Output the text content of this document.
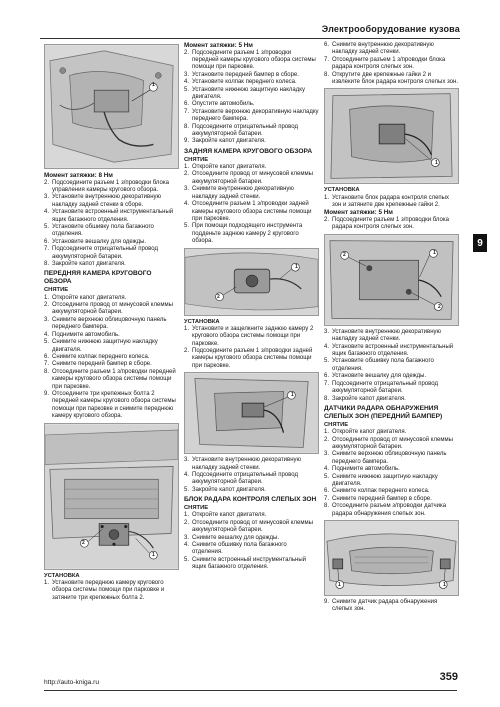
Электрооборудование кузова
1
Момент затяжки: 8 Нм
2. Подсоедините разъем 1 з/проводки блока управления камеры кругового обзора.
3. Установите внутреннюю декоративную накладку задней стенки в сборе.
4. Установите встроенный инструментальный ящик багажного отделения.
5. Установите обшивку пола багажного отделения.
6. Установите вешалку для одежды.
7. Подсоедините отрицательный провод аккумуляторной батареи.
8. Закройте капот двигателя.
ПЕРЕДНЯЯ КАМЕРА КРУГОВОГО ОБЗОРА
СНЯТИЕ
1. Откройте капот двигателя.
2. Отсоедините провод от минусовой клеммы аккумуляторной батареи.
3. Снимите верхнюю облицовочную панель переднего бампера.
4. Поднимите автомобиль.
5. Снимите нижнюю защитную накладку двигателя.
6. Снимите колпак переднего колеса.
7. Снимите передний бампер в сборе.
8. Отсоедините разъем 1 з/проводки передней камеры кругового обзора системы помощи при парковке.
9. Отсоедините три крепежных болта 2 передней камеры кругового обзора системы помощи при парковке и снимите переднюю камеру кругового обзора.
2
1
УСТАНОВКА
1. Установите переднюю камеру кругового обзора системы помощи при парковке и затяните три крепежных болта 2.
Момент затяжки: 5 Нм
2. Подсоедините разъем 1 з/проводки передней камеры кругового обзора системы помощи при парковке.
3. Установите передний бампер в сборе.
4. Установите колпак переднего колеса.
5. Установите нижнюю защитную накладку двигателя.
6. Опустите автомобиль.
7. Установите верхнюю декоративную накладку переднего бампера.
8. Подсоедините отрицательный провод аккумуляторной батареи.
9. Закройте капот двигателя.
ЗАДНЯЯ КАМЕРА КРУГОВОГО ОБЗОРА
СНЯТИЕ
1. Откройте капот двигателя.
2. Отсоедините провод от минусовой клеммы аккумуляторной батареи.
3. Снимите внутреннюю декоративную накладку задней стенки.
4. Отсоедините разъем 1 з/проводки задней камеры кругового обзора системы помощи при парковке.
5. При помощи подходящего инструмента подденьте заднюю камеру 2 кругового обзора.
2
1
УСТАНОВКА
1. Установите и защелкните заднюю камеру 2 кругового обзора системы помощи при парковке.
2. Подсоедините разъем 1 з/проводки задней камеры кругового обзора системы помощи при парковке.
1
3. Установите внутреннюю декоративную накладку задней стенки.
4. Подсоедините отрицательный провод аккумуляторной батареи.
5. Закройте капот двигателя.
БЛОК РАДАРА КОНТРОЛЯ СЛЕПЫХ ЗОН
СНЯТИЕ
1. Откройте капот двигателя.
2. Отсоедините провод от минусовой клеммы аккумуляторной батареи.
3. Снимите вешалку для одежды.
4. Снимите обшивку пола багажного отделения.
5. Снимите встроенный инструментальный ящик багажного отделения.
6. Снимите внутреннюю декоративную накладку задней стенки.
7. Отсоедините разъем 1 з/проводки блока радара контроля слепых зон.
8. Открутите две крепежные гайки 2 и извлеките блок радара контроля слепых зон.
1
УСТАНОВКА
1. Установите блок радара контроля слепых зон и затяните две крепежные гайки 2.
Момент затяжки: 5 Нм
2. Подсоедините разъем 1 з/проводки блока радара контроля слепых зон.
2	1
2
3. Установите внутреннюю декоративную накладку задней стенки.
4. Установите встроенный инструментальный ящик багажного отделения.
5. Установите обшивку пола багажного отделения.
6. Установите вешалку для одежды.
7. Подсоедините отрицательный провод аккумуляторной батареи.
8. Закройте капот двигателя.
ДАТЧИКИ РАДАРА ОБНАРУЖЕНИЯ СЛЕПЫХ ЗОН (ПЕРЕДНИЙ БАМПЕР)
СНЯТИЕ
1. Откройте капот двигателя.
2. Отсоедините провод от минусовой клеммы аккумуляторной батареи.
3. Снимите верхнюю облицовочную панель переднего бампера.
4. Поднимите автомобиль.
5. Снимите нижнюю защитную накладку двигателя.
6. Снимите колпак переднего колеса.
7. Снимите передний бампер в сборе.
8. Отсоедините разъем з/проводки датчика радара обнаружения слепых зон.
1	1
9. Снимите датчик радара обнаружения слепых зон.
9
http://auto-knigа.ru	359
